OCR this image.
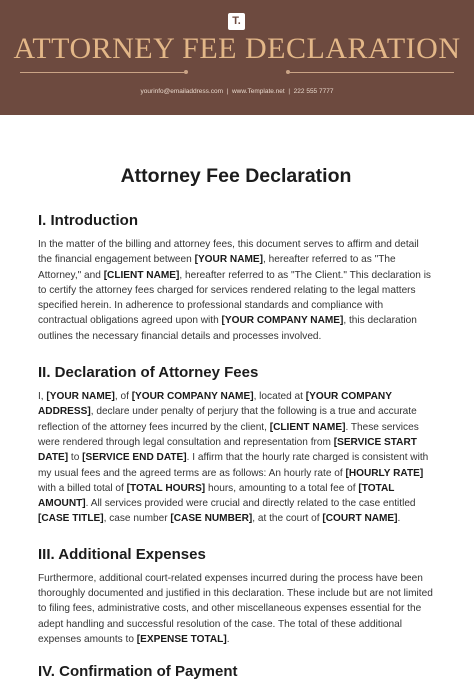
T.
ATTORNEY FEE DECLARATION
yourinfo@emailaddress.com | www.Template.net | 222 555 7777
Attorney Fee Declaration
I. Introduction

In the matter of the billing and attorney fees, this document serves to affirm and detail the financial engagement between [YOUR NAME], hereafter referred to as "The Attorney," and [CLIENT NAME], hereafter referred to as "The Client." This declaration is to certify the attorney fees charged for services rendered relating to the legal matters specified herein. In adherence to professional standards and compliance with contractual obligations agreed upon with [YOUR COMPANY NAME], this declaration outlines the necessary financial details and processes involved.

II. Declaration of Attorney Fees

I, [YOUR NAME], of [YOUR COMPANY NAME], located at [YOUR COMPANY ADDRESS], declare under penalty of perjury that the following is a true and accurate reflection of the attorney fees incurred by the client, [CLIENT NAME]. These services were rendered through legal consultation and representation from [SERVICE START DATE] to [SERVICE END DATE]. I affirm that the hourly rate charged is consistent with my usual fees and the agreed terms are as follows: An hourly rate of [HOURLY RATE] with a billed total of [TOTAL HOURS] hours, amounting to a total fee of [TOTAL AMOUNT]. All services provided were crucial and directly related to the case entitled [CASE TITLE], case number [CASE NUMBER], at the court of [COURT NAME].

III. Additional Expenses

Furthermore, additional court-related expenses incurred during the process have been thoroughly documented and justified in this declaration. These include but are not limited to filing fees, administrative costs, and other miscellaneous expenses essential for the adept handling and successful resolution of the case. The total of these additional expenses amounts to [EXPENSE TOTAL].

IV. Confirmation of Payment
